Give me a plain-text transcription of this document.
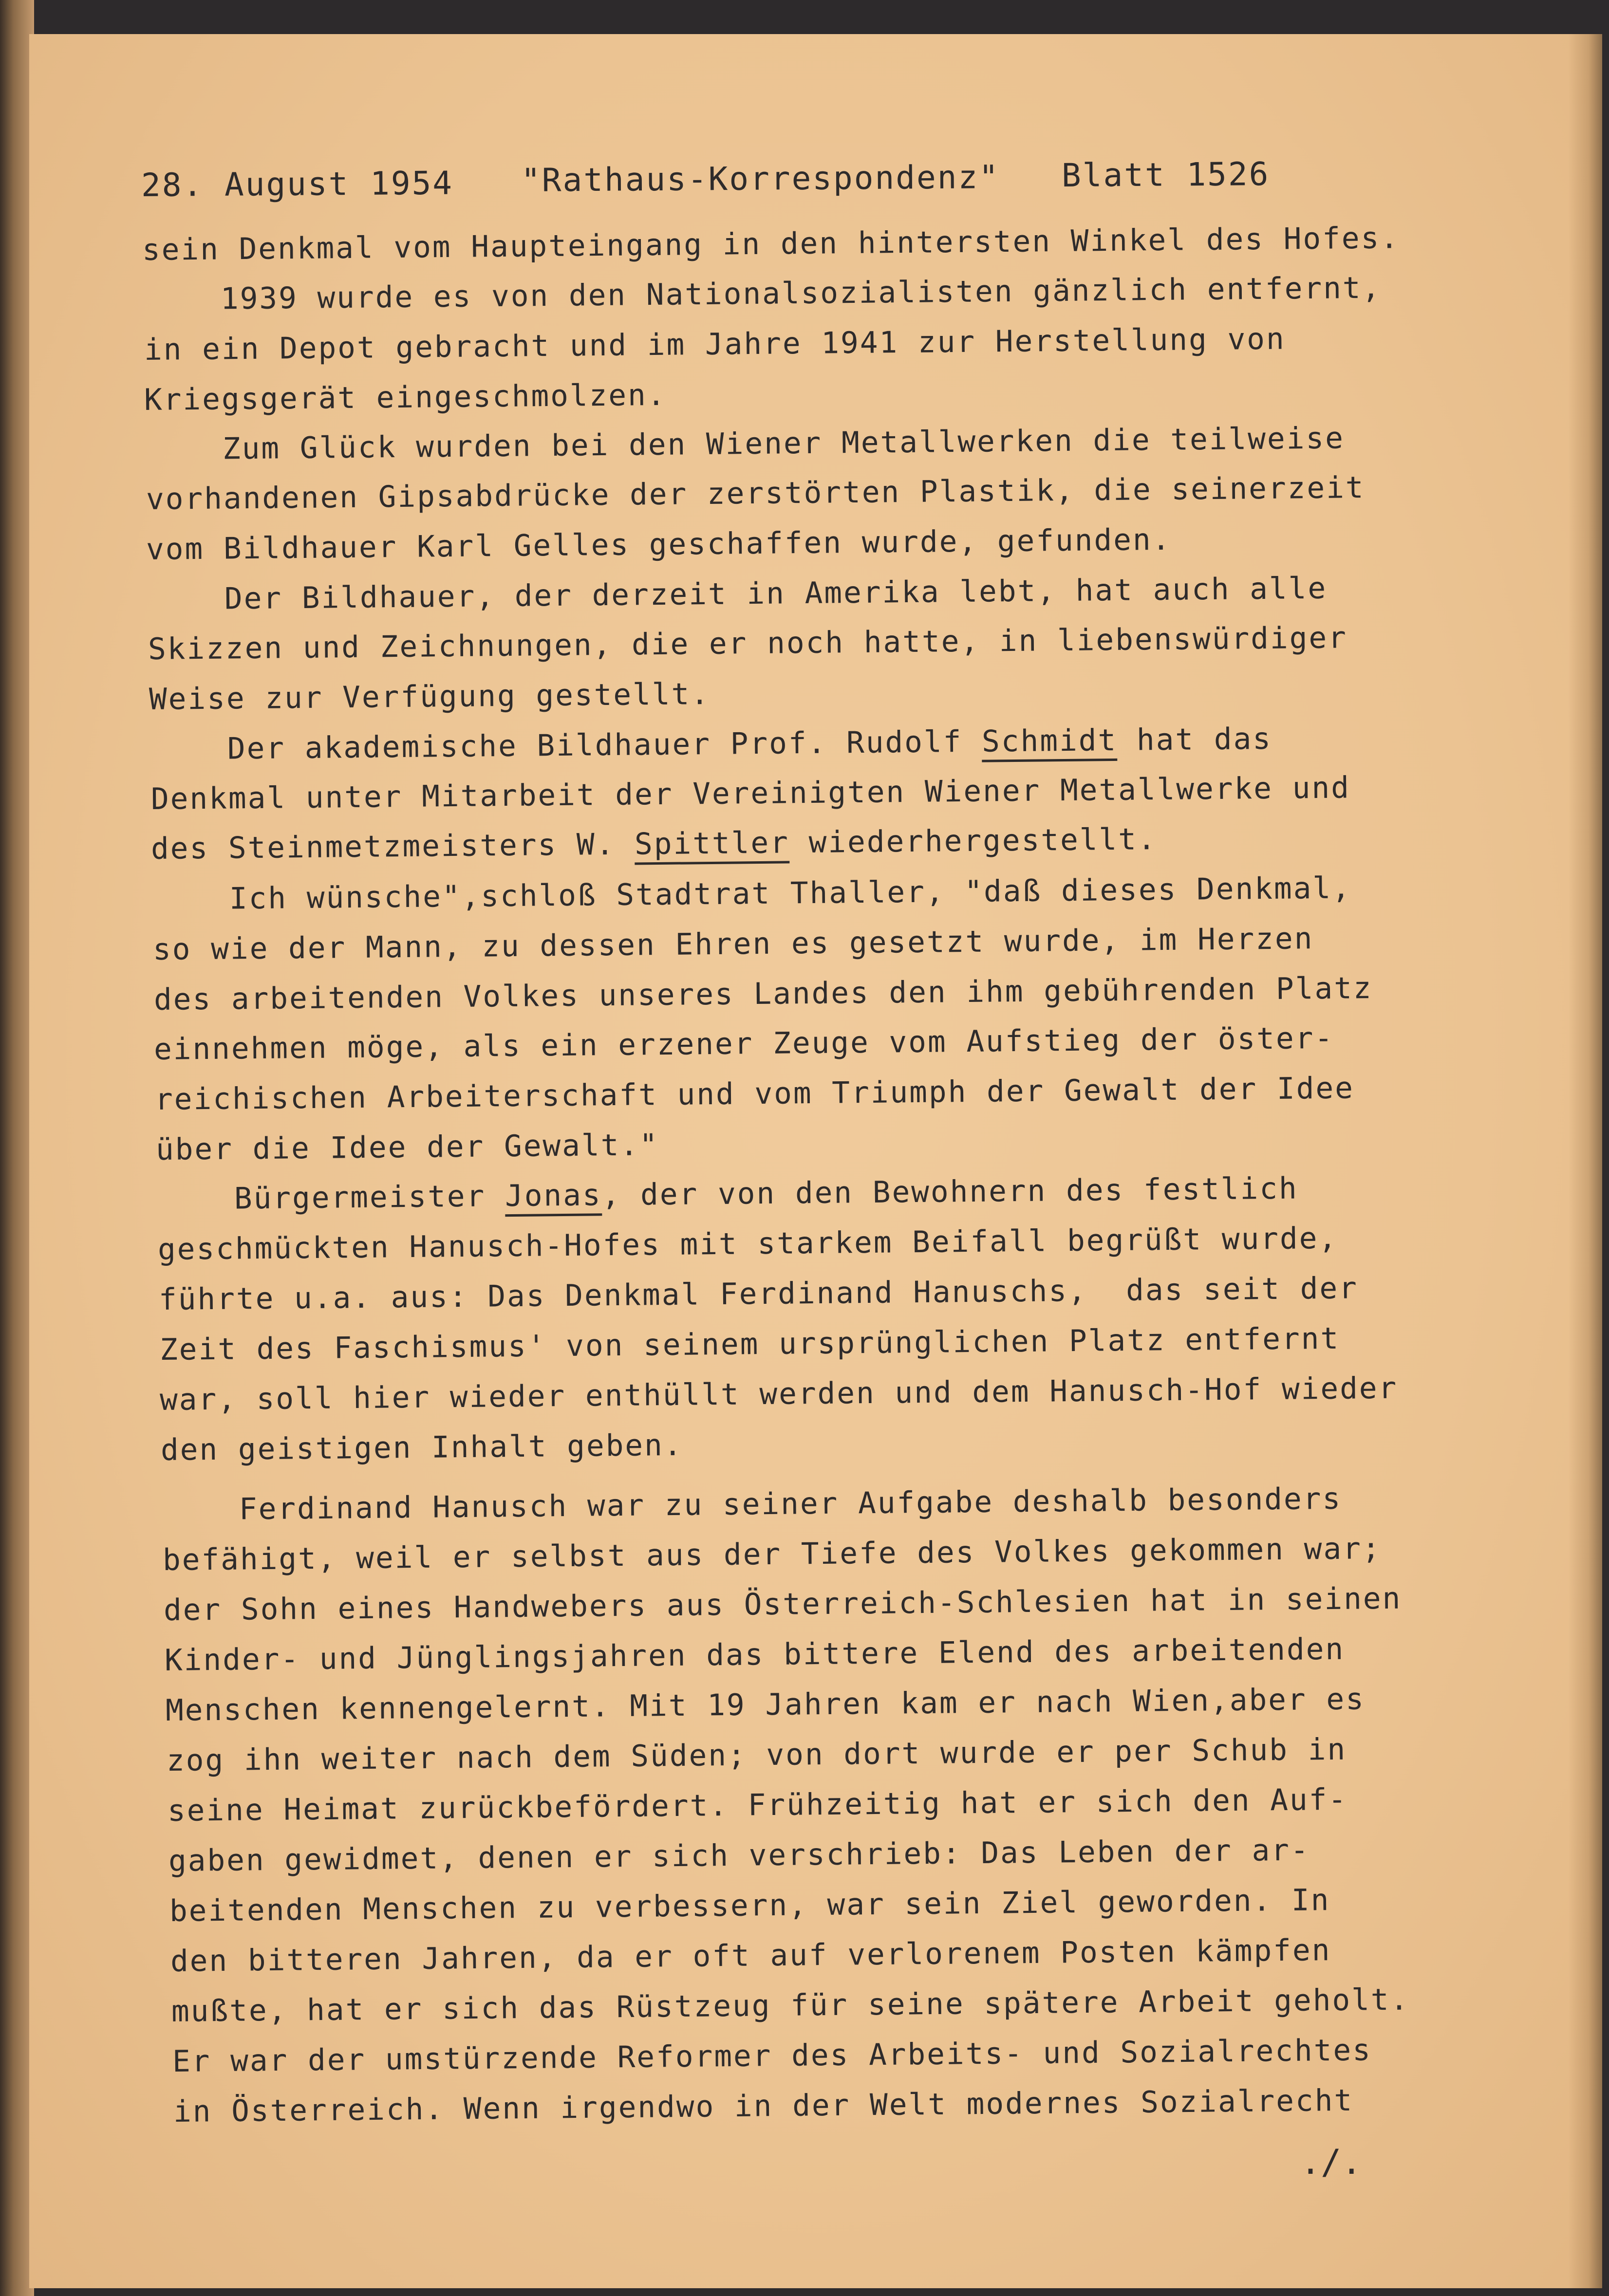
28. August 1954 "Rathaus-Korrespondenz" Blatt 1526
sein Denkmal vom Haupteingang in den hintersten Winkel des Hofes.
1939 wurde es von den Nationalsozialisten gänzlich entfernt,
in ein Depot gebracht und im Jahre 1941 zur Herstellung von
Kriegsgerät eingeschmolzen.
Zum Glück wurden bei den Wiener Metallwerken die teilweise
vorhandenen Gipsabdrücke der zerstörten Plastik, die seinerzeit
vom Bildhauer Karl Gelles geschaffen wurde, gefunden.
Der Bildhauer, der derzeit in Amerika lebt, hat auch alle
Skizzen und Zeichnungen, die er noch hatte, in liebenswürdiger
Weise zur Verfügung gestellt.
Der akademische Bildhauer Prof. Rudolf Schmidt hat das
Denkmal unter Mitarbeit der Vereinigten Wiener Metallwerke und
des Steinmetzmeisters W. Spittler wiederhergestellt.
Ich wünsche",schloß Stadtrat Thaller, "daß dieses Denkmal,
so wie der Mann, zu dessen Ehren es gesetzt wurde, im Herzen
des arbeitenden Volkes unseres Landes den ihm gebührenden Platz
einnehmen möge, als ein erzener Zeuge vom Aufstieg der öster-
reichischen Arbeiterschaft und vom Triumph der Gewalt der Idee
über die Idee der Gewalt."
Bürgermeister Jonas, der von den Bewohnern des festlich
geschmückten Hanusch-Hofes mit starkem Beifall begrüßt wurde,
führte u.a. aus: Das Denkmal Ferdinand Hanuschs,  das seit der
Zeit des Faschismus' von seinem ursprünglichen Platz entfernt
war, soll hier wieder enthüllt werden und dem Hanusch-Hof wieder
den geistigen Inhalt geben.
Ferdinand Hanusch war zu seiner Aufgabe deshalb besonders
befähigt, weil er selbst aus der Tiefe des Volkes gekommen war;
der Sohn eines Handwebers aus Österreich-Schlesien hat in seinen
Kinder- und Jünglingsjahren das bittere Elend des arbeitenden
Menschen kennengelernt. Mit 19 Jahren kam er nach Wien,aber es
zog ihn weiter nach dem Süden; von dort wurde er per Schub in
seine Heimat zurückbefördert. Frühzeitig hat er sich den Auf-
gaben gewidmet, denen er sich verschrieb: Das Leben der ar-
beitenden Menschen zu verbessern, war sein Ziel geworden. In
den bitteren Jahren, da er oft auf verlorenem Posten kämpfen
mußte, hat er sich das Rüstzeug für seine spätere Arbeit geholt.
Er war der umstürzende Reformer des Arbeits- und Sozialrechtes
in Österreich. Wenn irgendwo in der Welt modernes Sozialrecht
./.
